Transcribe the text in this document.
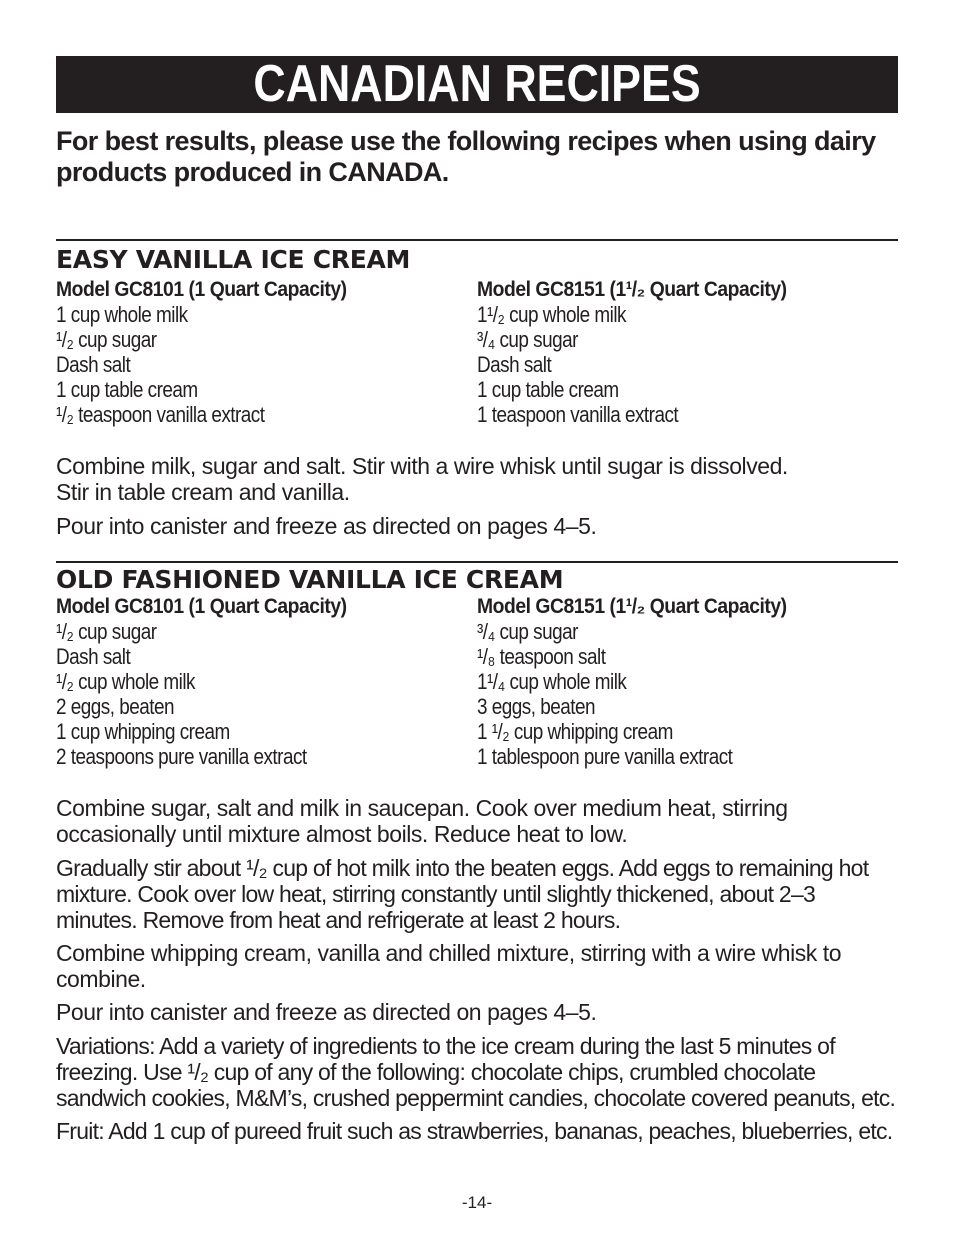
CANADIAN RECIPES
For best results, please use the following recipes when using dairy products produced in CANADA.
EASY VANILLA ICE CREAM
Model GC8101 (1 Quart Capacity)
1 cup whole milk
¹/₂ cup sugar
Dash salt
1 cup table cream
¹/₂ teaspoon vanilla extract
Model GC8151 (1¹/₂ Quart Capacity)
1¹/₂ cup whole milk
³/₄ cup sugar
Dash salt
1 cup table cream
1 teaspoon vanilla extract
Combine milk, sugar and salt. Stir with a wire whisk until sugar is dissolved. Stir in table cream and vanilla.
Pour into canister and freeze as directed on pages 4–5.
OLD FASHIONED VANILLA ICE CREAM
Model GC8101 (1 Quart Capacity)
¹/₂ cup sugar
Dash salt
¹/₂ cup whole milk
2 eggs, beaten
1 cup whipping cream
2 teaspoons pure vanilla extract
Model GC8151 (1¹/₂ Quart Capacity)
³/₄ cup sugar
¹/₈ teaspoon salt
1¹/₄ cup whole milk
3 eggs, beaten
1 ¹/₂ cup whipping cream
1 tablespoon pure vanilla extract
Combine sugar, salt and milk in saucepan. Cook over medium heat, stirring occasionally until mixture almost boils. Reduce heat to low.
Gradually stir about ¹/₂ cup of hot milk into the beaten eggs. Add eggs to remaining hot mixture. Cook over low heat, stirring constantly until slightly thickened, about 2–3 minutes. Remove from heat and refrigerate at least 2 hours.
Combine whipping cream, vanilla and chilled mixture, stirring with a wire whisk to combine.
Pour into canister and freeze as directed on pages 4–5.
Variations: Add a variety of ingredients to the ice cream during the last 5 minutes of freezing. Use ¹/₂ cup of any of the following: chocolate chips, crumbled chocolate sandwich cookies, M&M’s, crushed peppermint candies, chocolate covered peanuts, etc.
Fruit: Add 1 cup of pureed fruit such as strawberries, bananas, peaches, blueberries, etc.
-14-
